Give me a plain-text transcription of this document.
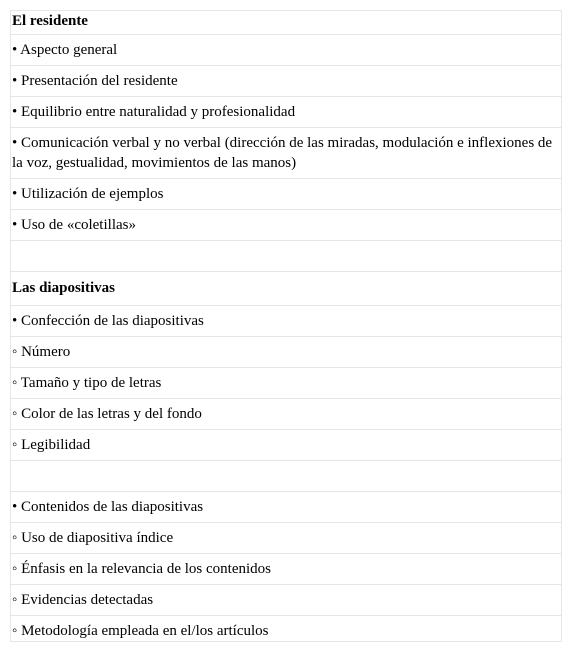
El residente
• Aspecto general
• Presentación del residente
• Equilibrio entre naturalidad y profesionalidad
• Comunicación verbal y no verbal (dirección de las miradas, modulación e inflexiones de la voz, gestualidad, movimientos de las manos)
• Utilización de ejemplos
• Uso de «coletillas»
Las diapositivas
• Confección de las diapositivas
◦ Número
◦ Tamaño y tipo de letras
◦ Color de las letras y del fondo
◦ Legibilidad
• Contenidos de las diapositivas
◦ Uso de diapositiva índice
◦ Énfasis en la relevancia de los contenidos
◦ Evidencias detectadas
◦ Metodología empleada en el/los artículos
